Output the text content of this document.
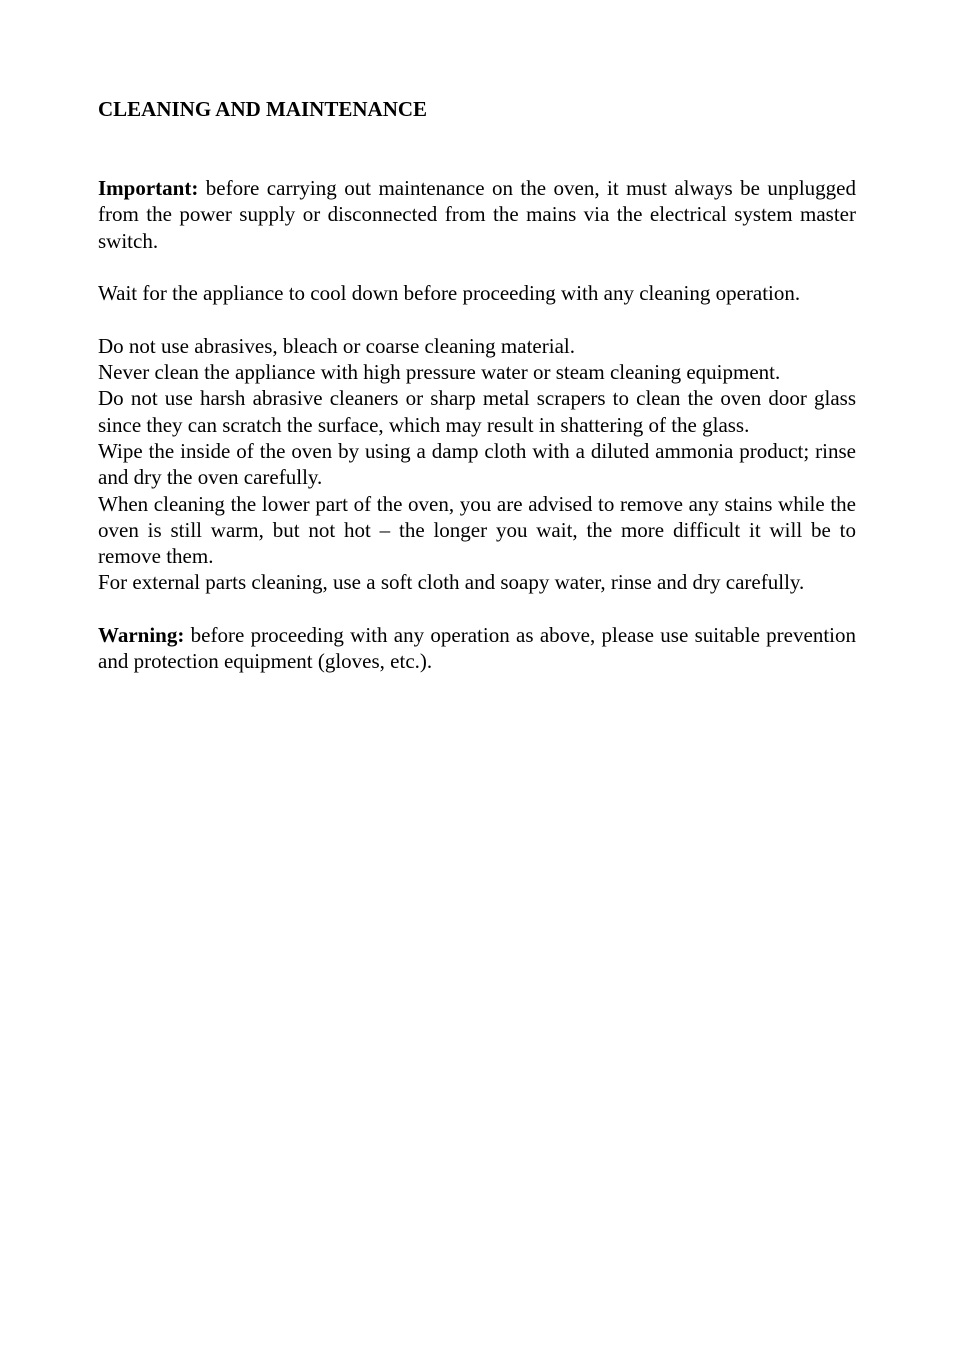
CLEANING AND MAINTENANCE

Important: before carrying out maintenance on the oven, it must always be unplugged from the power supply or disconnected from the mains via the electrical system master switch.

Wait for the appliance to cool down before proceeding with any cleaning operation.

Do not use abrasives, bleach or coarse cleaning material.

Never clean the appliance with high pressure water or steam cleaning equipment.

Do not use harsh abrasive cleaners or sharp metal scrapers to clean the oven door glass since they can scratch the surface, which may result in shattering of the glass.

Wipe the inside of the oven by using a damp cloth with a diluted ammonia product; rinse and dry the oven carefully.

When cleaning the lower part of the oven, you are advised to remove any stains while the oven is still warm, but not hot – the longer you wait, the more difficult it will be to remove them.

For external parts cleaning, use a soft cloth and soapy water, rinse and dry carefully.

Warning: before proceeding with any operation as above, please use suitable prevention and protection equipment (gloves, etc.).
